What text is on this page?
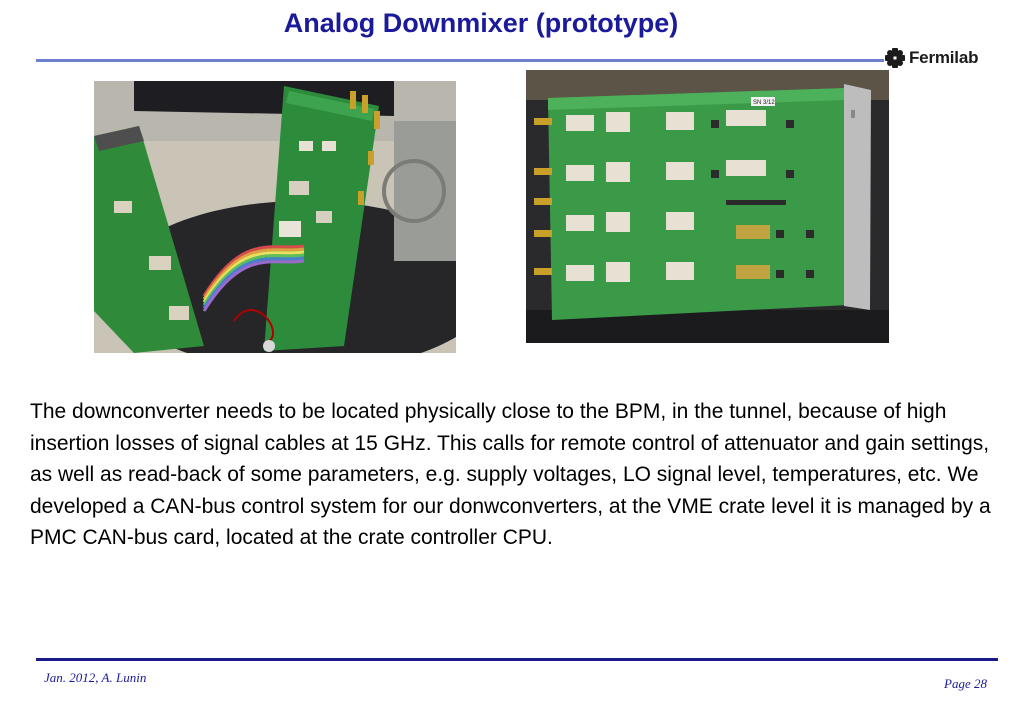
Analog Downmixer (prototype)
Fermilab
SN 3/12
The downconverter needs to be located physically close to the BPM, in the tunnel, because of high insertion losses of signal cables at 15 GHz. This calls for remote control of attenuator and gain settings, as well as read-back of some parameters, e.g. supply voltages, LO signal level, temperatures, etc. We developed a CAN-bus control system for our donwconverters, at the VME crate level it is managed by a PMC CAN-bus card, located at the crate controller CPU.
Jan. 2012, A. Lunin	Page 28
